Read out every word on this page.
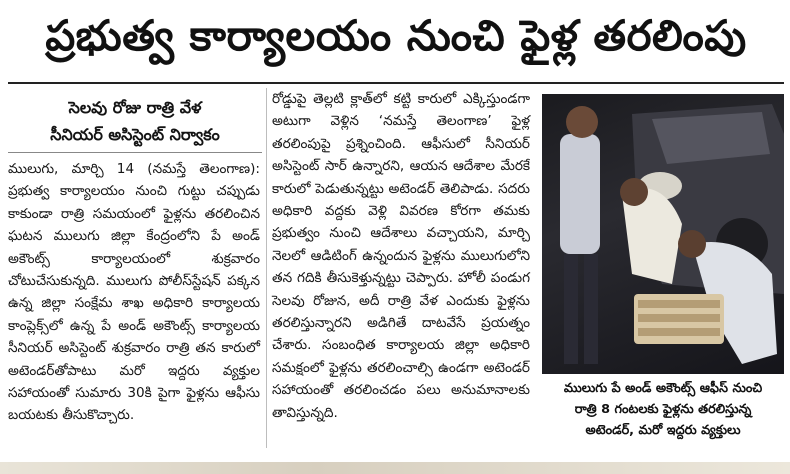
ప్రభుత్వ కార్యాలయం నుంచి ఫైళ్ల తరలింపు
సెలవు రోజు రాత్రి వేళ
సీనియర్ అసిస్టెంట్ నిర్వాకం

ములుగు, మార్చి 14 (నమస్తే తెలంగాణ): ప్రభుత్వ కార్యాలయం నుంచి గుట్టు చప్పుడు కాకుండా రాత్రి సమయంలో ఫైళ్లను తరలించిన ఘటన ములుగు జిల్లా కేంద్రంలోని పే అండ్ అకౌంట్స్ కార్యాలయంలో శుక్రవారం చోటుచేసుకున్నది. ములుగు పోలీస్‌స్టేషన్ పక్కన ఉన్న జిల్లా సంక్షేమ శాఖ అధికారి కార్యాలయ కాంప్లెక్స్‌లో ఉన్న పే అండ్ అకౌంట్స్ కార్యాలయ సీనియర్ అసిస్టెంట్ శుక్రవారం రాత్రి తన కారులో అటెండర్‌తోపాటు మరో ఇద్దరు వ్యక్తుల సహాయంతో సుమారు 30కి పైగా ఫైళ్లను ఆఫీసు బయటకు తీసుకొచ్చారు.

రోడ్డుపై తెల్లటి క్లాత్‌లో కట్టి కారులో ఎక్కిస్తుండగా అటుగా వెళ్లిన ‘నమస్తే తెలంగాణ’ ఫైళ్ల తరలింపుపై ప్రశ్నించింది. ఆఫీసులో సీనియర్ అసిస్టెంట్ సార్ ఉన్నారని, ఆయన ఆదేశాల మేరకే కారులో పెడుతున్నట్టు అటెండర్ తెలిపాడు. సదరు అధికారి వద్దకు వెళ్లి వివరణ కోరగా తమకు ప్రభుత్వం నుంచి ఆదేశాలు వచ్చాయని, మార్చి నెలలో ఆడిటింగ్ ఉన్నందున ఫైళ్లను ములుగులోని తన గదికి తీసుకెళ్తున్నట్టు చెప్పారు. హోలీ పండుగ సెలవు రోజున, అదీ రాత్రి వేళ ఎందుకు ఫైళ్లను తరలిస్తున్నారని అడిగితే దాటవేసే ప్రయత్నం చేశారు. సంబంధిత కార్యాలయ జిల్లా అధికారి సమక్షంలో ఫైళ్లను తరలించాల్సి ఉండగా అటెండర్ సహాయంతో తరలించడం పలు అనుమానాలకు తావిస్తున్నది.

ములుగు పే అండ్ అకౌంట్స్ ఆఫీస్ నుంచి
రాత్రి 8 గంటలకు ఫైళ్లను తరలిస్తున్న
అటెండర్, మరో ఇద్దరు వ్యక్తులు
